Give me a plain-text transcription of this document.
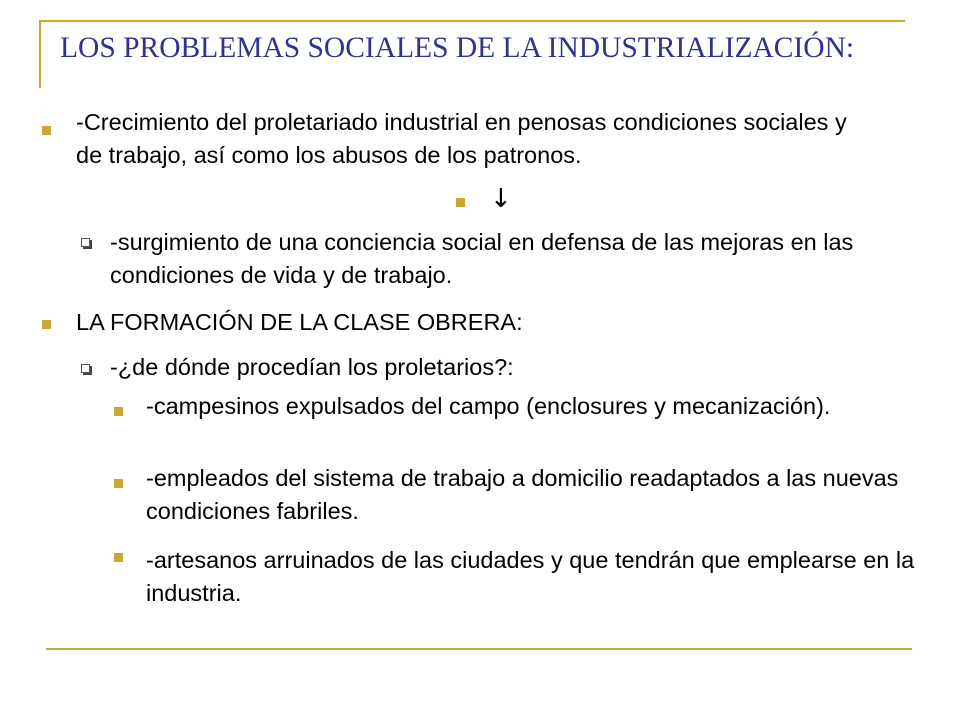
LOS PROBLEMAS SOCIALES DE LA INDUSTRIALIZACIÓN:
-Crecimiento del proletariado industrial en penosas condiciones sociales y de trabajo, así como los abusos de los patronos.
↓
-surgimiento de una conciencia social en defensa de las mejoras en las condiciones de vida y de trabajo.
LA FORMACIÓN DE LA CLASE OBRERA:
-¿de dónde procedían los proletarios?:
-campesinos expulsados del campo (enclosures y mecanización).
-empleados del sistema de trabajo a domicilio readaptados a las nuevas condiciones fabriles.
-artesanos arruinados de las ciudades y que tendrán que emplearse en la industria.
